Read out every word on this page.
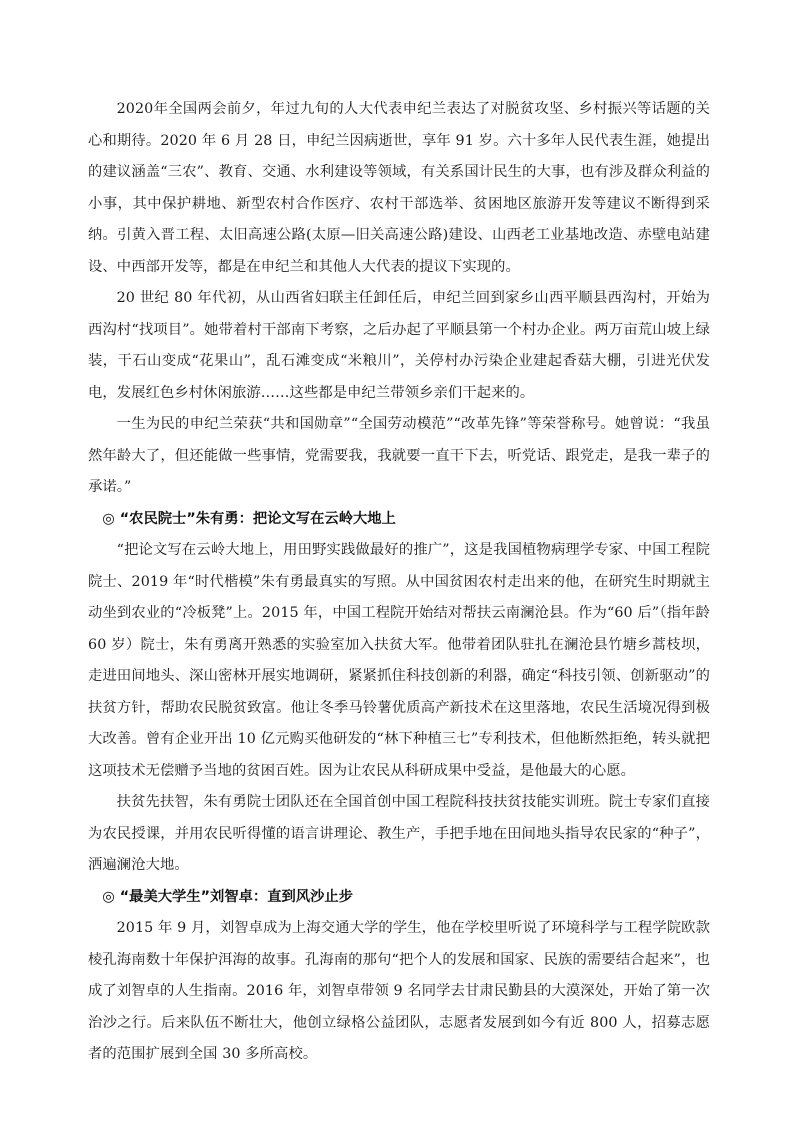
2020年全国两会前夕，年过九旬的人大代表申纪兰表达了对脱贫攻坚、乡村振兴等话题的关心和期待。2020 年 6 月 28 日，申纪兰因病逝世，享年 91 岁。六十多年人民代表生涯，她提出的建议涵盖“三农”、教育、交通、水利建设等领域，有关系国计民生的大事，也有涉及群众利益的小事，其中保护耕地、新型农村合作医疗、农村干部选举、贫困地区旅游开发等建议不断得到采纳。引黄入晋工程、太旧高速公路(太原—旧关高速公路)建设、山西老工业基地改造、赤壁电站建设、中西部开发等，都是在申纪兰和其他人大代表的提议下实现的。

20 世纪 80 年代初，从山西省妇联主任卸任后，申纪兰回到家乡山西平顺县西沟村，开始为西沟村“找项目”。她带着村干部南下考察，之后办起了平顺县第一个村办企业。两万亩荒山坡上绿装，干石山变成“花果山”，乱石滩变成“米粮川”，关停村办污染企业建起香菇大棚，引进光伏发电，发展红色乡村休闲旅游……这些都是申纪兰带领乡亲们干起来的。

一生为民的申纪兰荣获“共和国勋章”“全国劳动模范”“改革先锋”等荣誉称号。她曾说：“我虽然年龄大了，但还能做一些事情，党需要我，我就要一直干下去，听党话、跟党走，是我一辈子的承诺。”

◎ “农民院士”朱有勇：把论文写在云岭大地上

“把论文写在云岭大地上，用田野实践做最好的推广”，这是我国植物病理学专家、中国工程院院士、2019 年“时代楷模”朱有勇最真实的写照。从中国贫困农村走出来的他，在研究生时期就主动坐到农业的“冷板凳”上。2015 年，中国工程院开始结对帮扶云南澜沧县。作为“60 后”（指年龄 60 岁）院士，朱有勇离开熟悉的实验室加入扶贫大军。他带着团队驻扎在澜沧县竹塘乡蒿枝坝，走进田间地头、深山密林开展实地调研，紧紧抓住科技创新的利器，确定“科技引领、创新驱动”的扶贫方针，帮助农民脱贫致富。他让冬季马铃薯优质高产新技术在这里落地，农民生活境况得到极大改善。曾有企业开出 10 亿元购买他研发的“林下种植三七”专利技术，但他断然拒绝，转头就把这项技术无偿赠予当地的贫困百姓。因为让农民从科研成果中受益，是他最大的心愿。

扶贫先扶智，朱有勇院士团队还在全国首创中国工程院科技扶贫技能实训班。院士专家们直接为农民授课，并用农民听得懂的语言讲理论、教生产，手把手地在田间地头指导农民家的“种子”，洒遍澜沧大地。

◎ “最美大学生”刘智卓：直到风沙止步

2015 年 9 月，刘智卓成为上海交通大学的学生，他在学校里听说了环境科学与工程学院欧款棱孔海南数十年保护洱海的故事。孔海南的那句“把个人的发展和国家、民族的需要结合起来”，也成了刘智卓的人生指南。2016 年，刘智卓带领 9 名同学去甘肃民勤县的大漠深处，开始了第一次治沙之行。后来队伍不断壮大，他创立绿格公益团队，志愿者发展到如今有近 800 人，招募志愿者的范围扩展到全国 30 多所高校。
